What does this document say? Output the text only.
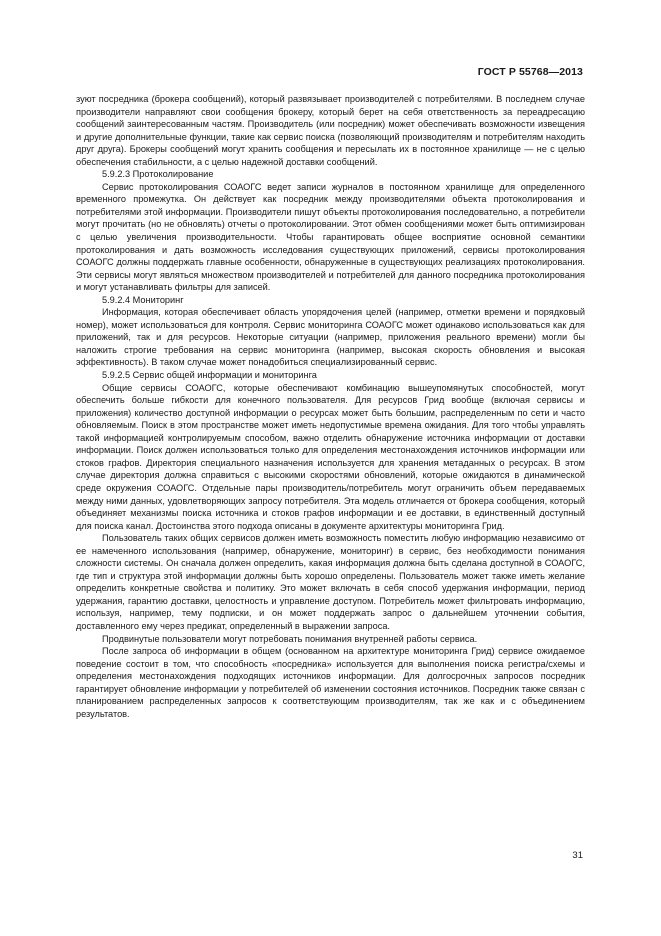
ГОСТ Р 55768—2013

зуют посредника (брокера сообщений), который развязывает производителей с потребителями. В последнем случае производители направляют свои сообщения брокеру, который берет на себя ответственность за переадресацию сообщений заинтересованным частям. Производитель (или посредник) может обеспечивать возможности извещения и другие дополнительные функции, такие как сервис поиска (позволяющий производителям и потребителям находить друг друга). Брокеры сообщений могут хранить сообщения и пересылать их в постоянное хранилище — не с целью обеспечения стабильности, а с целью надежной доставки сообщений.

5.9.2.3 Протоколирование

Сервис протоколирования СОАОГС ведет записи журналов в постоянном хранилище для определенного временного промежутка. Он действует как посредник между производителями объекта протоколирования и потребителями этой информации. Производители пишут объекты протоколирования последовательно, а потребители могут прочитать (но не обновлять) отчеты о протоколировании. Этот обмен сообщениями может быть оптимизирован с целью увеличения производительности. Чтобы гарантировать общее восприятие основной семантики протоколирования и дать возможность исследования существующих приложений, сервисы протоколирования СОАОГС должны поддержать главные особенности, обнаруженные в существующих реализациях протоколирования. Эти сервисы могут являться множеством производителей и потребителей для данного посредника протоколирования и могут устанавливать фильтры для записей.

5.9.2.4 Мониторинг

Информация, которая обеспечивает область упорядочения целей (например, отметки времени и порядковый номер), может использоваться для контроля. Сервис мониторинга СОАОГС может одинаково использоваться как для приложений, так и для ресурсов. Некоторые ситуации (например, приложения реального времени) могли бы наложить строгие требования на сервис мониторинга (например, высокая скорость обновления и высокая эффективность). В таком случае может понадобиться специализированный сервис.

5.9.2.5 Сервис общей информации и мониторинга

Общие сервисы СОАОГС, которые обеспечивают комбинацию вышеупомянутых способностей, могут обеспечить больше гибкости для конечного пользователя. Для ресурсов Грид вообще (включая сервисы и приложения) количество доступной информации о ресурсах может быть большим, распределенным по сети и часто обновляемым. Поиск в этом пространстве может иметь недопустимые времена ожидания. Для того чтобы управлять такой информацией контролируемым способом, важно отделить обнаружение источника информации от доставки информации. Поиск должен использоваться только для определения местонахождения источников информации или стоков графов. Директория специального назначения используется для хранения метаданных о ресурсах. В этом случае директория должна справиться с высокими скоростями обновлений, которые ожидаются в динамической среде окружения СОАОГС. Отдельные пары производитель/потребитель могут ограничить объем передаваемых между ними данных, удовлетворяющих запросу потребителя. Эта модель отличается от брокера сообщения, который объединяет механизмы поиска источника и стоков графов информации и ее доставки, в единственный доступный для поиска канал. Достоинства этого подхода описаны в документе архитектуры мониторинга Грид.

Пользователь таких общих сервисов должен иметь возможность поместить любую информацию независимо от ее намеченного использования (например, обнаружение, мониторинг) в сервис, без необходимости понимания сложности системы. Он сначала должен определить, какая информация должна быть сделана доступной в СОАОГС, где тип и структура этой информации должны быть хорошо определены. Пользователь может также иметь желание определить конкретные свойства и политику. Это может включать в себя способ удержания информации, период удержания, гарантию доставки, целостность и управление доступом. Потребитель может фильтровать информацию, используя, например, тему подписки, и он может поддержать запрос о дальнейшем уточнении события, доставленного ему через предикат, определенный в выражении запроса.

Продвинутые пользователи могут потребовать понимания внутренней работы сервиса.

После запроса об информации в общем (основанном на архитектуре мониторинга Грид) сервисе ожидаемое поведение состоит в том, что способность «посредника» используется для выполнения поиска регистра/схемы и определения местонахождения подходящих источников информации. Для долгосрочных запросов посредник гарантирует обновление информации у потребителей об изменении состояния источников. Посредник также связан с планированием распределенных запросов к соответствующим производителям, так же как и с объединением результатов.

31
